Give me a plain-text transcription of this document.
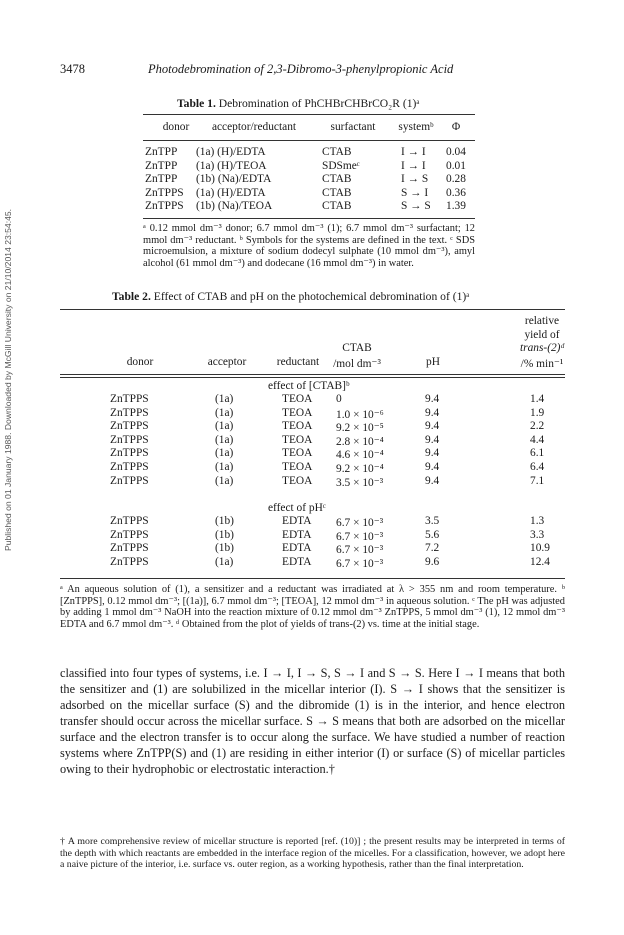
Published on 01 January 1988. Downloaded by McGill University on 21/10/2014 23:54:45.
3478	Photodebromination of 2,3-Dibromo-3-phenylpropionic Acid
Table 1. Debromination of PhCHBrCHBrCO₂R (1)ᵃ
donor acceptor/reductant	surfactant systemᵇ Φ
ZnTPP (1a) (H)/EDTA	CTAB	I → I 0.04
ZnTPP (1a) (H)/TEOA	SDSmeᶜ	I → I 0.01
ZnTPP (1b) (Na)/EDTA	CTAB	I → S 0.28
ZnTPPS (1a) (H)/EDTA	CTAB	S → I 0.36
ZnTPPS (1b) (Na)/TEOA	CTAB	S → S 1.39
ᵃ 0.12 mmol dm⁻³ donor; 6.7 mmol dm⁻³ (1); 6.7 mmol dm⁻³ surfactant; 12 mmol dm⁻³ reductant. ᵇ Symbols for the systems are defined in the text. ᶜ SDS microemulsion, a mixture of sodium dodecyl sulphate (10 mmol dm⁻³), amyl alcohol (61 mmol dm⁻³) and dodecane (16 mmol dm⁻³) in water.
Table 2. Effect of CTAB and pH on the photochemical debromination of (1)ᵃ
relative
yield of
CTAB	trans-(2)ᵈ
donor	acceptor	reductant /mol dm⁻³	pH	/% min⁻¹
effect of [CTAB]ᵇ
ZnTPPS	(1a)	TEOA 0	9.4	1.4
ZnTPPS	(1a)	TEOA 1.0 × 10⁻⁶	9.4	1.9
ZnTPPS	(1a)	TEOA 9.2 × 10⁻⁵	9.4	2.2
ZnTPPS	(1a)	TEOA 2.8 × 10⁻⁴	9.4	4.4
ZnTPPS	(1a)	TEOA 4.6 × 10⁻⁴	9.4	6.1
ZnTPPS	(1a)	TEOA 9.2 × 10⁻⁴	9.4	6.4
ZnTPPS	(1a)	TEOA 3.5 × 10⁻³	9.4	7.1
effect of pHᶜ
ZnTPPS	(1b)	EDTA 6.7 × 10⁻³	3.5	1.3
ZnTPPS	(1b)	EDTA 6.7 × 10⁻³	5.6	3.3
ZnTPPS	(1b)	EDTA 6.7 × 10⁻³	7.2	10.9
ZnTPPS	(1a)	EDTA 6.7 × 10⁻³	9.6	12.4
ᵃ An aqueous solution of (1), a sensitizer and a reductant was irradiated at λ > 355 nm and room temperature. ᵇ [ZnTPPS], 0.12 mmol dm⁻³; [(1a)], 6.7 mmol dm⁻³; [TEOA], 12 mmol dm⁻³ in aqueous solution. ᶜ The pH was adjusted by adding 1 mmol dm⁻³ NaOH into the reaction mixture of 0.12 mmol dm⁻³ ZnTPPS, 5 mmol dm⁻³ (1), 12 mmol dm⁻³ EDTA and 6.7 mmol dm⁻³. ᵈ Obtained from the plot of yields of trans-(2) vs. time at the initial stage.
classified into four types of systems, i.e. I → I, I → S, S → I and S → S. Here I → I means that both the sensitizer and (1) are solubilized in the micellar interior (I). S → I shows that the sensitizer is adsorbed on the micellar surface (S) and the dibromide (1) is in the interior, and hence electron transfer should occur across the micellar surface. S → S means that both are adsorbed on the micellar surface and the electron transfer is to occur along the surface. We have studied a number of reaction systems where ZnTPP(S) and (1) are residing in either interior (I) or surface (S) of micellar particles owing to their hydrophobic or electrostatic interaction.†
† A more comprehensive review of micellar structure is reported [ref. (10)] ; the present results may be interpreted in terms of the depth with which reactants are embedded in the interface region of the micelles. For a classification, however, we adopt here a naive picture of the interior, i.e. surface vs. outer region, as a working hypothesis, rather than the final interpretation.
